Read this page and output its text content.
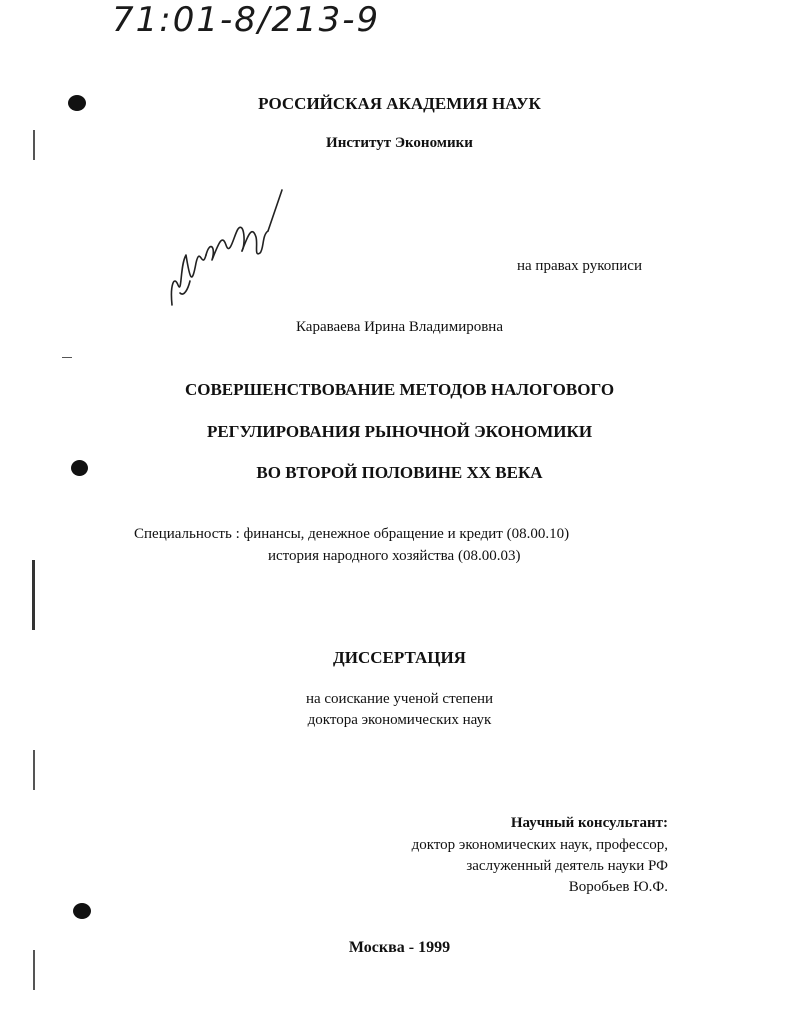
71:01-8/213-9
РОССИЙСКАЯ АКАДЕМИЯ НАУК
Институт Экономики
на правах рукописи
Караваева Ирина Владимировна
СОВЕРШЕНСТВОВАНИЕ МЕТОДОВ НАЛОГОВОГО
РЕГУЛИРОВАНИЯ РЫНОЧНОЙ ЭКОНОМИКИ
ВО ВТОРОЙ ПОЛОВИНЕ XX ВЕКА
Специальность : финансы, денежное обращение и кредит (08.00.10)
история народного хозяйства (08.00.03)
ДИССЕРТАЦИЯ
на соискание ученой степени
доктора экономических наук
Научный консультант:
доктор экономических наук, профессор,
заслуженный деятель науки РФ
Воробьев Ю.Ф.
Москва - 1999
